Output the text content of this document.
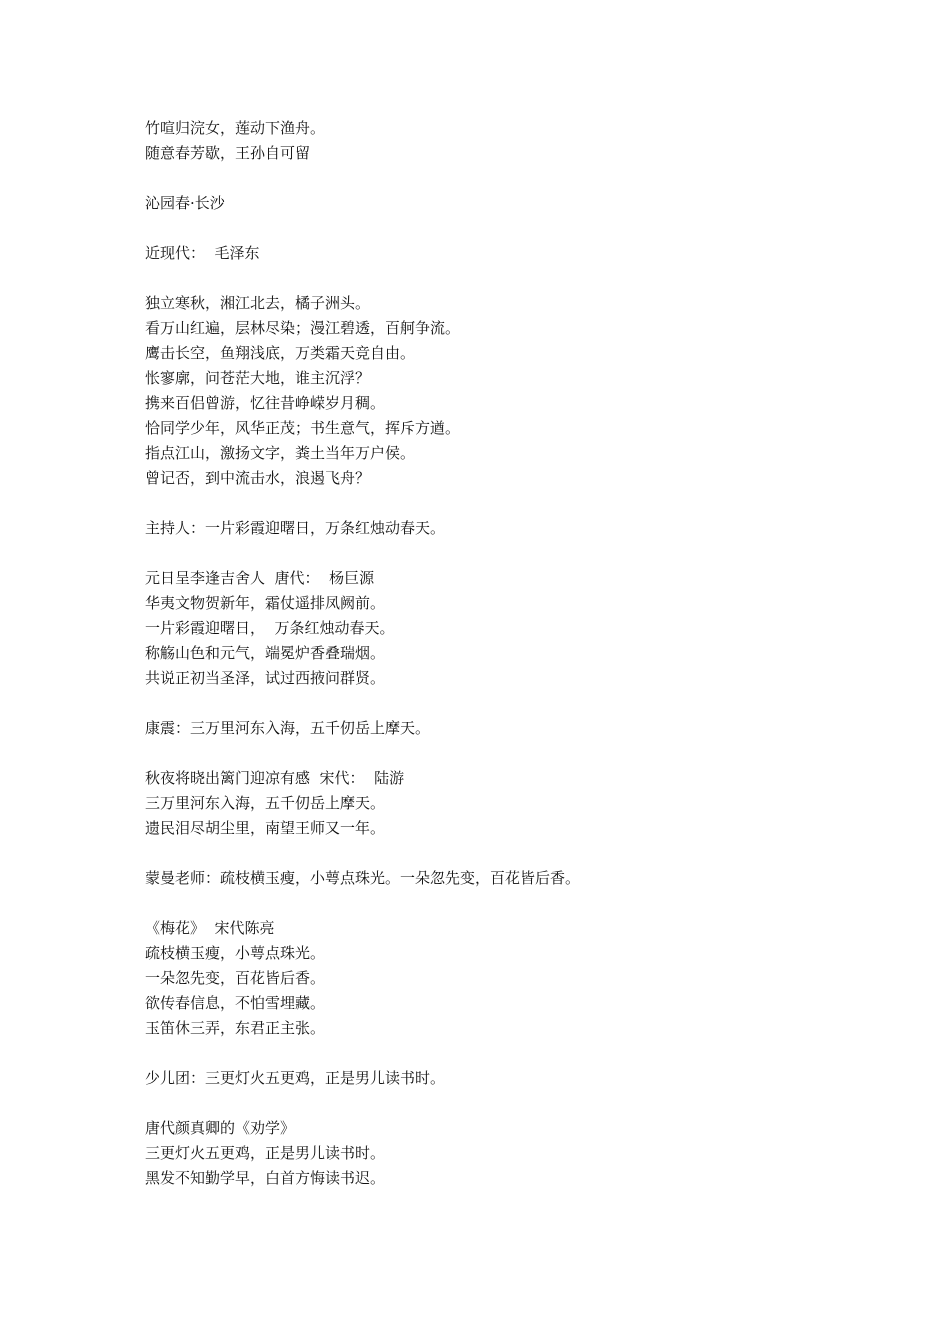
竹喧归浣女，莲动下渔舟。
随意春芳歇，王孙自可留
沁园春·长沙
近现代：  毛泽东
独立寒秋，湘江北去，橘子洲头。
看万山红遍，层林尽染；漫江碧透，百舸争流。
鹰击长空，鱼翔浅底，万类霜天竞自由。
怅寥廓，问苍茫大地，谁主沉浮？
携来百侣曾游，忆往昔峥嵘岁月稠。
恰同学少年，风华正茂；书生意气，挥斥方遒。
指点江山，激扬文字，粪土当年万户侯。
曾记否，到中流击水，浪遏飞舟？
主持人：一片彩霞迎曙日，万条红烛动春天。
元日呈李逢吉舍人  唐代：  杨巨源
华夷文物贺新年，霜仗遥排凤阙前。
一片彩霞迎曙日，  万条红烛动春天。
称觞山色和元气，端冕炉香叠瑞烟。
共说正初当圣泽，试过西掖问群贤。
康震：三万里河东入海，五千仞岳上摩天。
秋夜将晓出篱门迎凉有感  宋代：  陆游
三万里河东入海，五千仞岳上摩天。
遗民泪尽胡尘里，南望王师又一年。
蒙曼老师：疏枝横玉瘦，小萼点珠光。一朵忽先变，百花皆后香。
《梅花》  宋代陈亮
疏枝横玉瘦，小萼点珠光。
一朵忽先变，百花皆后香。
欲传春信息，不怕雪埋藏。
玉笛休三弄，东君正主张。
少儿团：三更灯火五更鸡，正是男儿读书时。
唐代颜真卿的《劝学》
三更灯火五更鸡，正是男儿读书时。
黑发不知勤学早，白首方悔读书迟。
